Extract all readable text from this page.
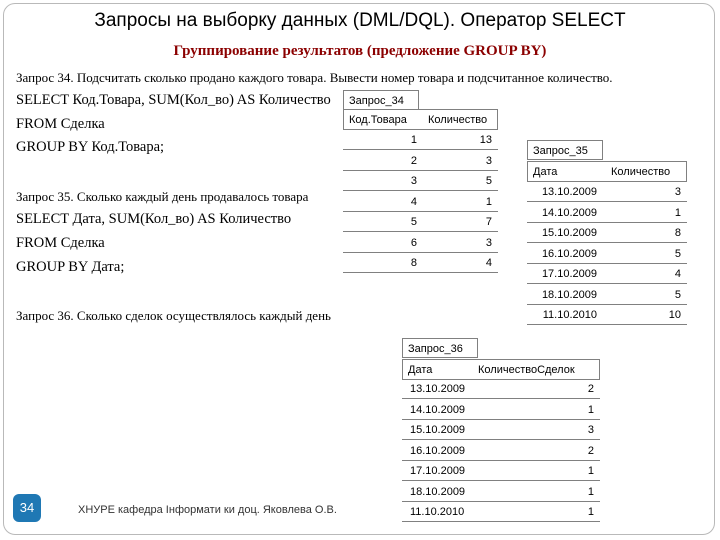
Запросы на выборку данных (DML/DQL). Оператор SELECT
Группирование результатов (предложение GROUP BY)
Запрос 34. Подсчитать сколько продано каждого товара. Вывести номер товара и подсчитанное количество.
SELECT Код.Товара, SUM(Кол_во) AS Количество
FROM Сделка
GROUP BY Код.Товара;
Запрос 35. Сколько каждый день продавалось товара
SELECT Дата, SUM(Кол_во) AS Количество
FROM Сделка
GROUP BY Дата;
Запрос 36. Сколько сделок осуществлялось каждый день
Запрос_34
Код.Товара Количество
1	13
2	3
3	5
4	1
5	7
6	3
8	4
Запрос_35
Дата	Количество
13.10.2009	3
14.10.2009	1
15.10.2009	8
16.10.2009	5
17.10.2009	4
18.10.2009	5
11.10.2010	10
Запрос_36
Дата	КоличествоСделок
13.10.2009	2
14.10.2009	1
15.10.2009	3
16.10.2009	2
17.10.2009	1
18.10.2009	1
11.10.2010	1
34	ХНУРЕ кафедра Інформати ки доц. Яковлева О.В.
